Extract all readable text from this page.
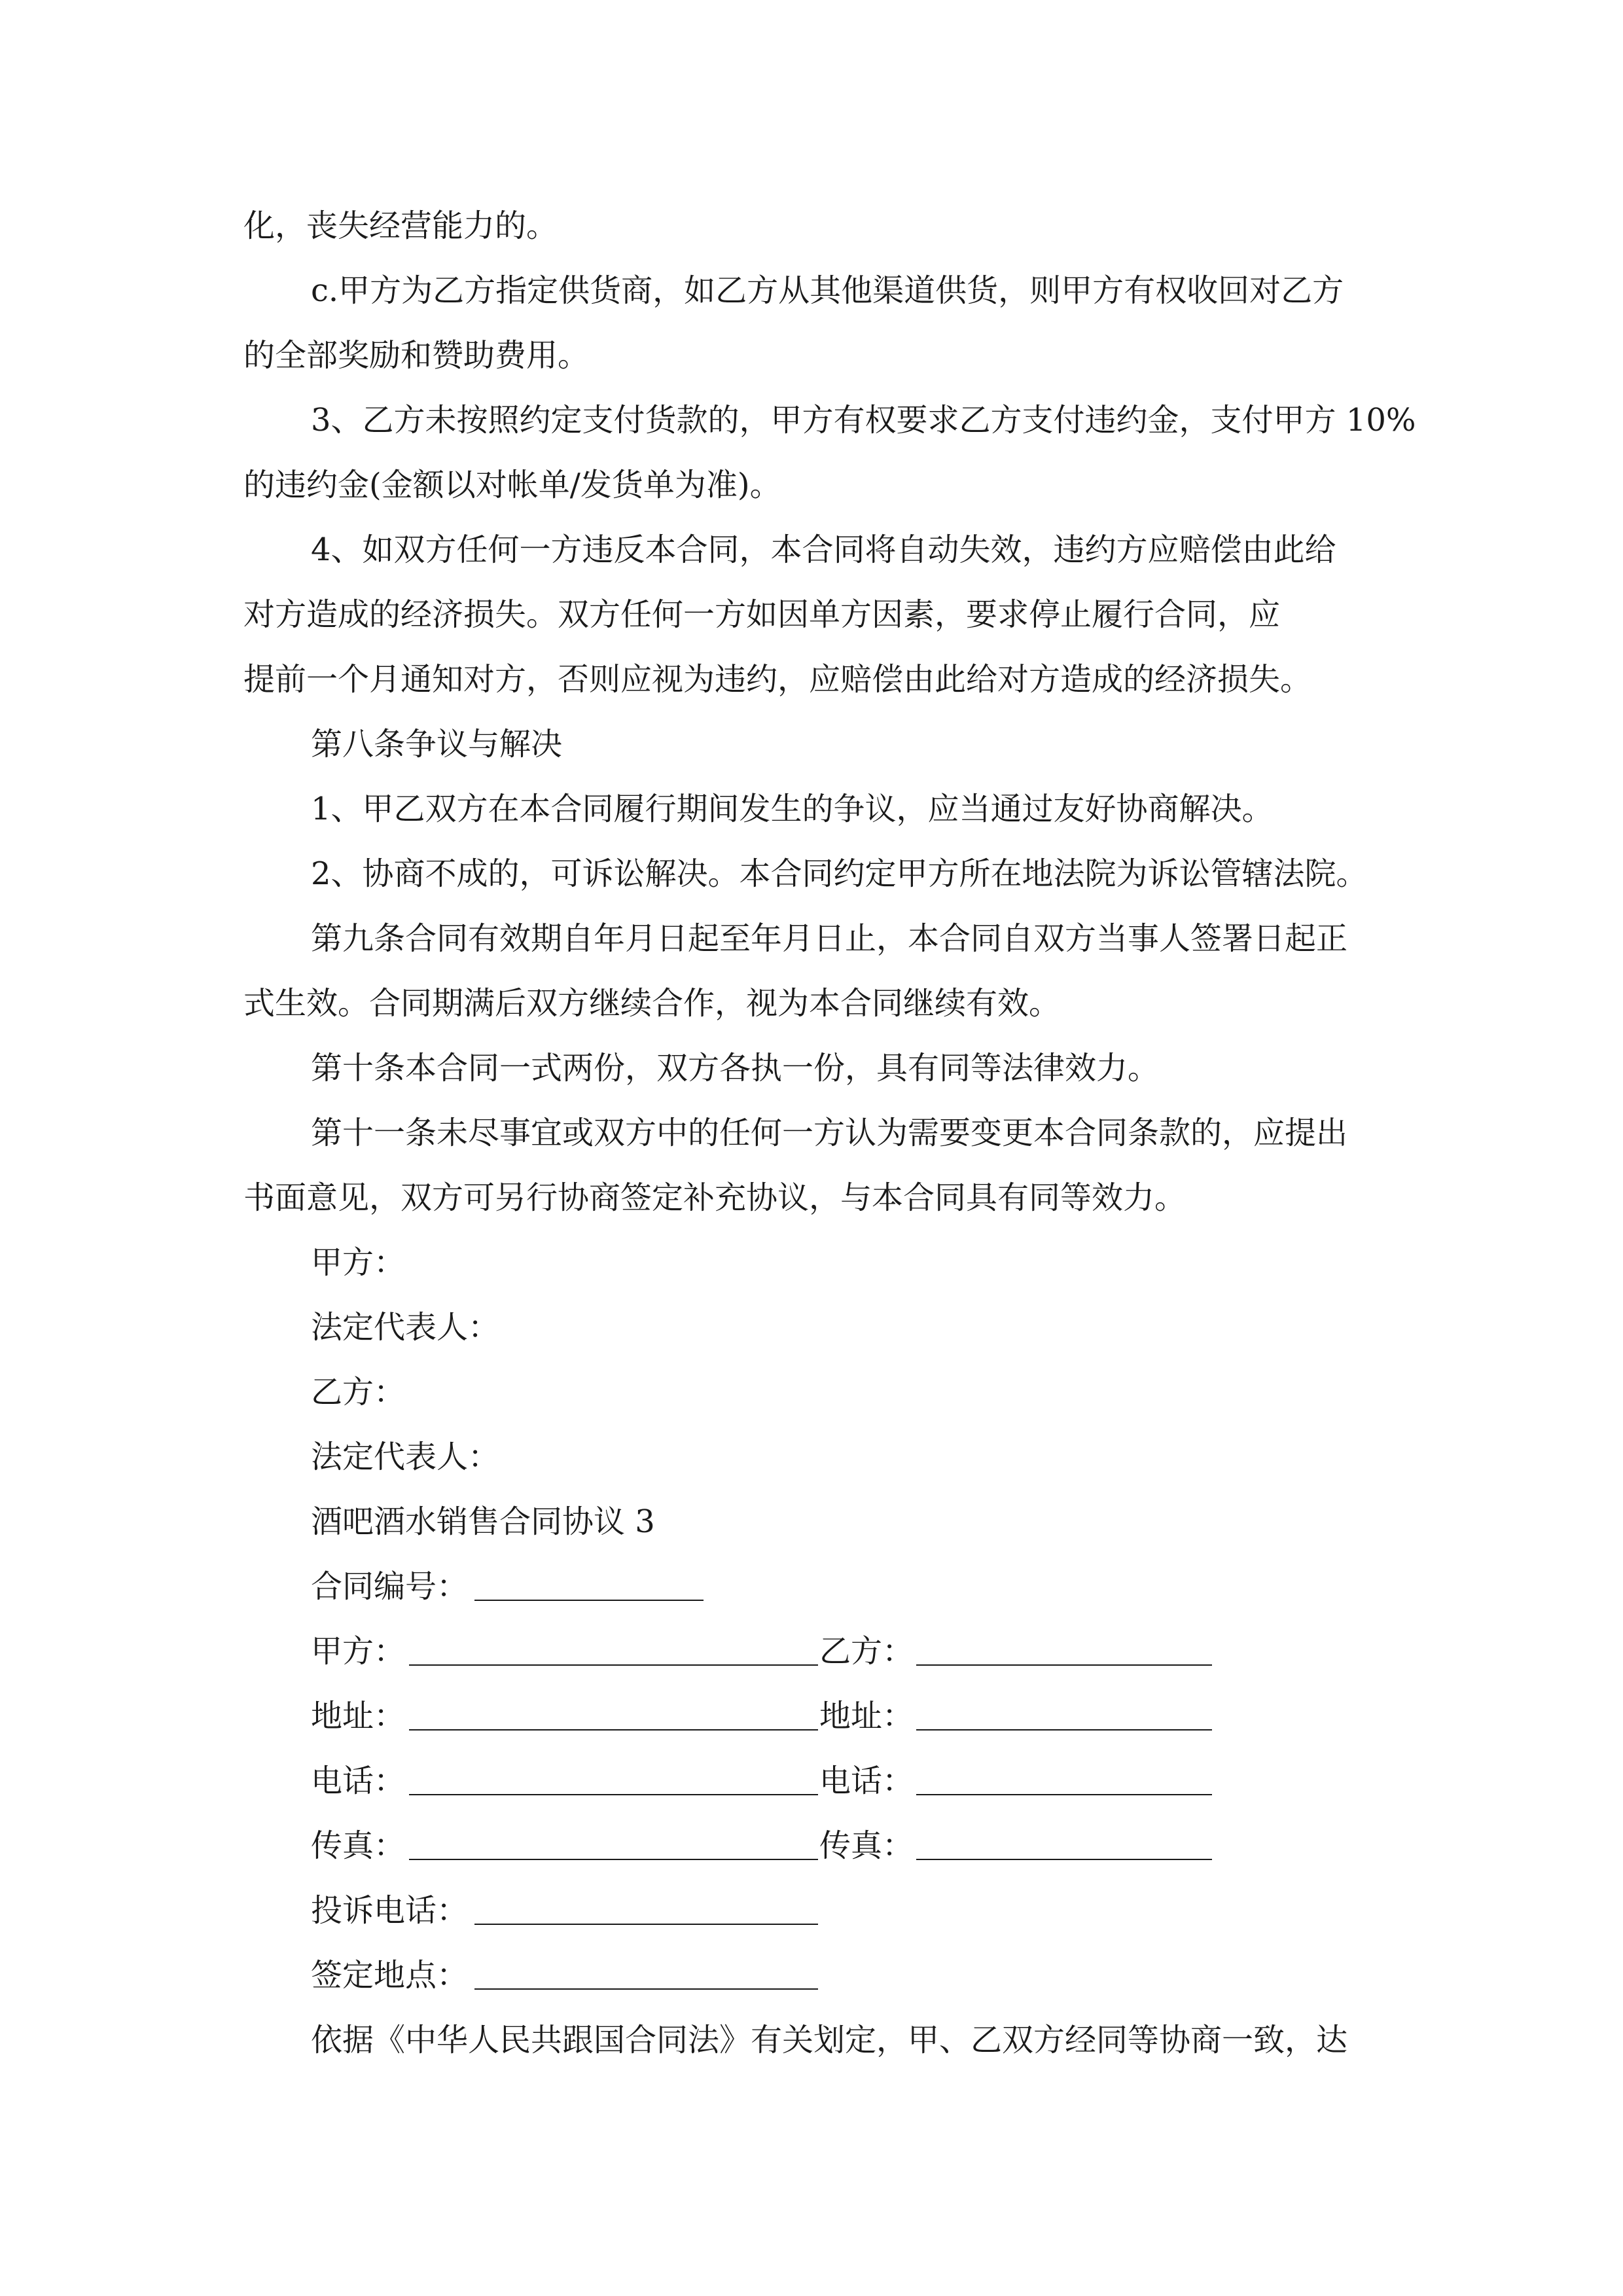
化，丧失经营能力的。
c.甲方为乙方指定供货商，如乙方从其他渠道供货，则甲方有权收回对乙方
的全部奖励和赞助费用。
3、乙方未按照约定支付货款的，甲方有权要求乙方支付违约金，支付甲方 10%
的违约金(金额以对帐单/发货单为准)。
4、如双方任何一方违反本合同，本合同将自动失效，违约方应赔偿由此给
对方造成的经济损失。双方任何一方如因单方因素，要求停止履行合同，应
提前一个月通知对方，否则应视为违约，应赔偿由此给对方造成的经济损失。
第八条争议与解决
1、甲乙双方在本合同履行期间发生的争议，应当通过友好协商解决。
2、协商不成的，可诉讼解决。本合同约定甲方所在地法院为诉讼管辖法院。
第九条合同有效期自年月日起至年月日止，本合同自双方当事人签署日起正
式生效。合同期满后双方继续合作，视为本合同继续有效。
第十条本合同一式两份，双方各执一份，具有同等法律效力。
第十一条未尽事宜或双方中的任何一方认为需要变更本合同条款的，应提出
书面意见，双方可另行协商签定补充协议，与本合同具有同等效力。
甲方：
法定代表人：
乙方：
法定代表人：
酒吧酒水销售合同协议 3
合同编号：
甲方：	乙方：
地址：	地址：
电话：	电话：
传真：	传真：
投诉电话：
签定地点：
依据《中华人民共跟国合同法》有关划定，甲、乙双方经同等协商一致，达
